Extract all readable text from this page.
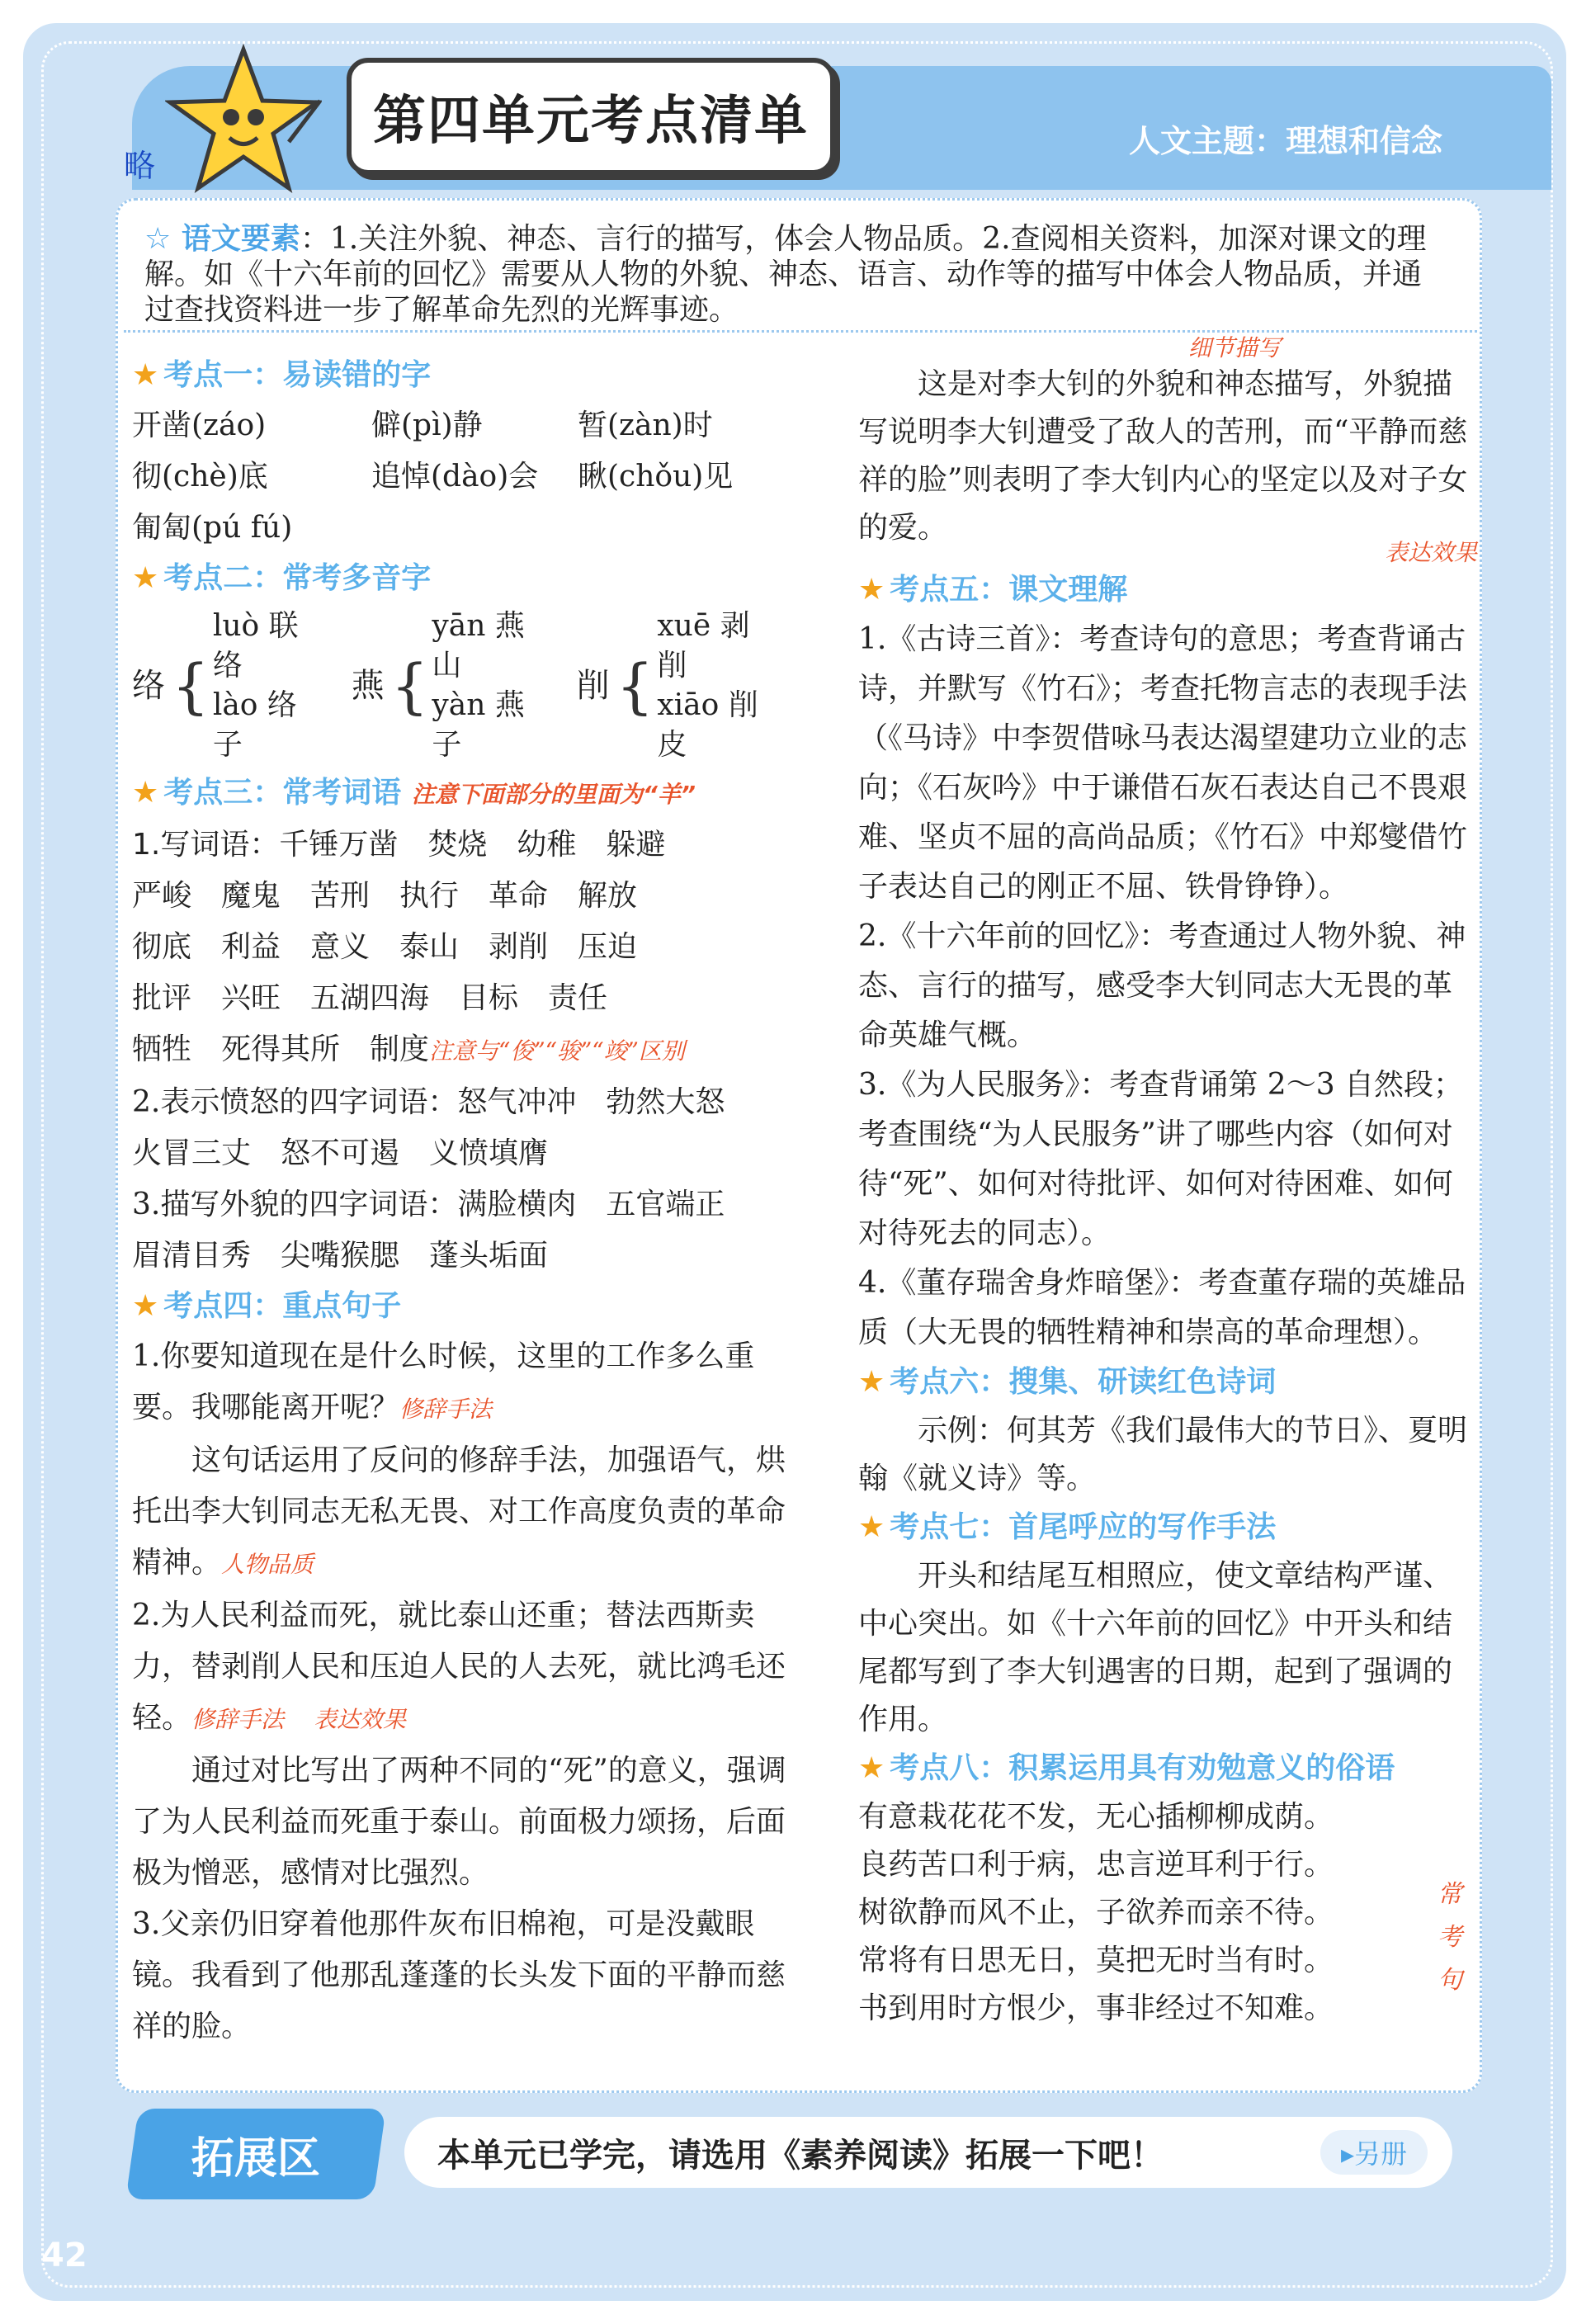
第四单元考点清单	人文主题：理想和信念
略
☆ 语文要素：1.关注外貌、神态、言行的描写，体会人物品质。2.查阅相关资料，加深对课文的理解。如《十六年前的回忆》需要从人物的外貌、神态、语言、动作等的描写中体会人物品质，并通过查找资料进一步了解革命先烈的光辉事迹。
★ 考点一：易读错的字
开凿(záo)	僻(pì)静	暂(zàn)时
彻(chè)底	追悼(dào)会 瞅(chǒu)见
匍匐(pú fú)
★ 考点二：常考多音字
络 {
luò 联络
lào 络子
燕 {
yān 燕山
yàn 燕子
削 {
xuē 剥削
xiāo 削皮
★ 考点三：常考词语 注意下面部分的里面为“羊”
1.写词语：千锤万凿　焚烧　幼稚　躲避
严峻　魔鬼　苦刑　执行　革命　解放
彻底　利益　意义　泰山　剥削　压迫
批评　兴旺　五湖四海　目标　责任
牺牲　死得其所　制度注意与“俊”“骏”“竣”区别
2.表示愤怒的四字词语：怒气冲冲　勃然大怒
火冒三丈　怒不可遏　义愤填膺
3.描写外貌的四字词语：满脸横肉　五官端正
眉清目秀　尖嘴猴腮　蓬头垢面
★ 考点四：重点句子
1.你要知道现在是什么时候，这里的工作多么重要。我哪能离开呢？修辞手法
这句话运用了反问的修辞手法，加强语气，烘托出李大钊同志无私无畏、对工作高度负责的革命精神。人物品质
2.为人民利益而死，就比泰山还重；替法西斯卖力，替剥削人民和压迫人民的人去死，就比鸿毛还轻。修辞手法　 表达效果
通过对比写出了两种不同的“死”的意义，强调了为人民利益而死重于泰山。前面极力颂扬，后面极为憎恶，感情对比强烈。
3.父亲仍旧穿着他那件灰布旧棉袍，可是没戴眼镜。我看到了他那乱蓬蓬的长头发下面的平静而慈祥的脸。
细节描写
这是对李大钊的外貌和神态描写，外貌描写说明李大钊遭受了敌人的苦刑，而“平静而慈祥的脸”则表明了李大钊内心的坚定以及对子女的爱。
表达效果
★ 考点五：课文理解
1.《古诗三首》：考查诗句的意思；考查背诵古诗，并默写《竹石》；考查托物言志的表现手法（《马诗》中李贺借咏马表达渴望建功立业的志向；《石灰吟》中于谦借石灰石表达自己不畏艰难、坚贞不屈的高尚品质；《竹石》中郑燮借竹子表达自己的刚正不屈、铁骨铮铮）。
2.《十六年前的回忆》：考查通过人物外貌、神态、言行的描写，感受李大钊同志大无畏的革命英雄气概。
3.《为人民服务》：考查背诵第 2～3 自然段；考查围绕“为人民服务”讲了哪些内容（如何对待“死”、如何对待批评、如何对待困难、如何对待死去的同志）。
4.《董存瑞舍身炸暗堡》：考查董存瑞的英雄品质（大无畏的牺牲精神和崇高的革命理想）。
★ 考点六：搜集、研读红色诗词
示例：何其芳《我们最伟大的节日》、夏明翰《就义诗》等。
★ 考点七：首尾呼应的写作手法
开头和结尾互相照应，使文章结构严谨、中心突出。如《十六年前的回忆》中开头和结尾都写到了李大钊遇害的日期，起到了强调的作用。
★ 考点八：积累运用具有劝勉意义的俗语
有意栽花花不发，无心插柳柳成荫。
良药苦口利于病，忠言逆耳利于行。
树欲静而风不止，子欲养而亲不待。
常将有日思无日，莫把无时当有时。
书到用时方恨少，事非经过不知难。
常考句
拓展区	本单元已学完，请选用《素养阅读》拓展一下吧！	▸另册
42
